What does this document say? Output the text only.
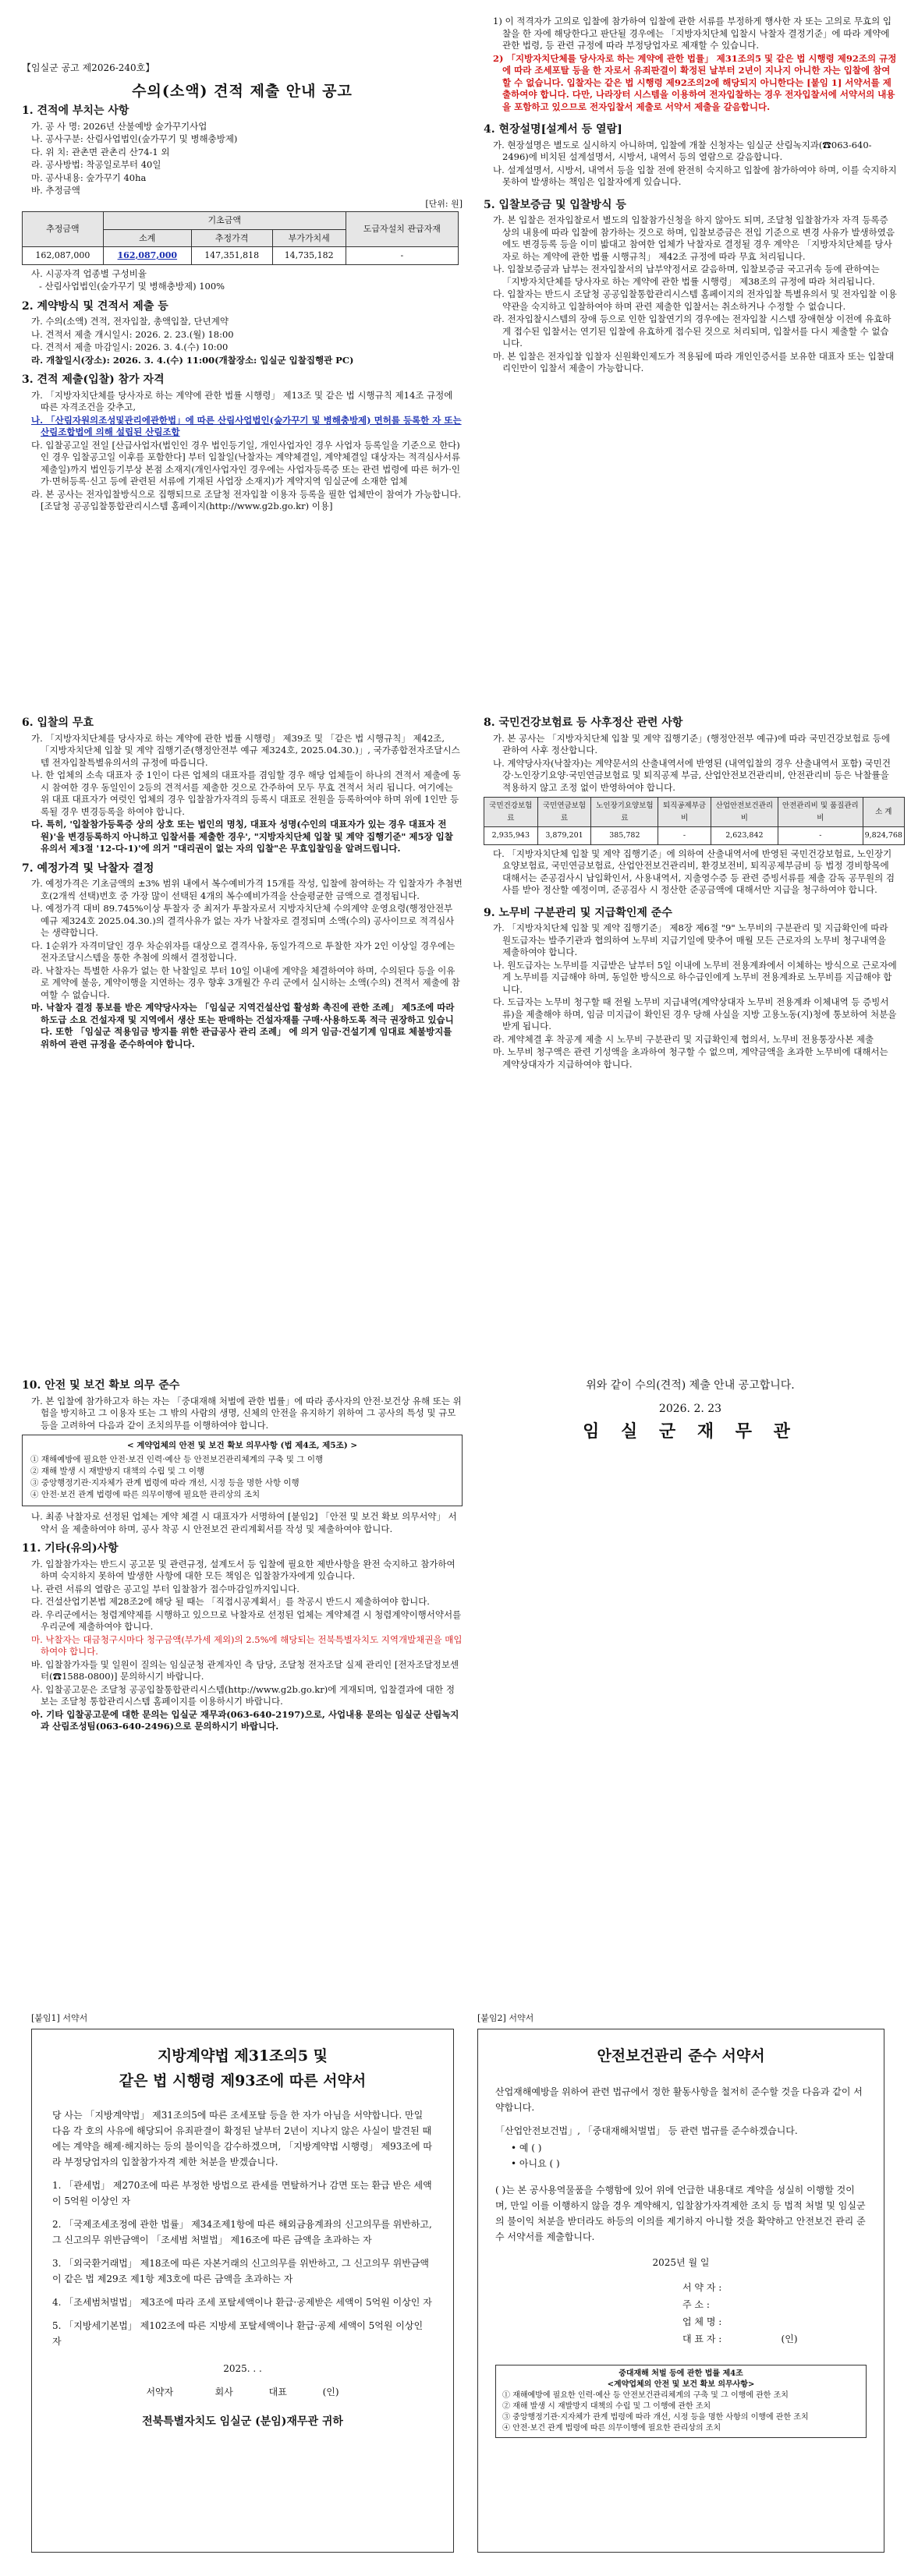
【임실군 공고 제2026-240호】
수의(소액) 견적 제출 안내 공고
1. 견적에 부치는 사항
가. 공 사 명: 2026년 산불예방 숲가꾸기사업
나. 공사구분: 산림사업법인(숲가꾸기 및 병해충방제)
다. 위 치: 관촌면 관촌리 산74-1 외
라. 공사방법: 착공일로부터 40일
마. 공사내용: 숲가꾸기 40ha
바. 추정금액
[단위: 원]
추정금액	기초금액			도급자설치 관급자재
	소계	추정가격	부가가치세	
162,087,000	162,087,000	147,351,818	14,735,182	-
사. 시공자격 업종별 구성비율
- 산림사업법인(숲가꾸기 및 병해충방제) 100%
2. 계약방식 및 견적서 제출 등
가. 수의(소액) 견적, 전자입찰, 총액입찰, 단년계약
나. 견적서 제출 개시일시: 2026. 2. 23.(월) 18:00
다. 견적서 제출 마감일시: 2026. 3. 4.(수) 10:00
라. 개찰일시(장소): 2026. 3. 4.(수) 11:00(개찰장소: 입실군 입찰집행관 PC)
3. 견적 제출(입찰) 참가 자격
가. 「지방자치단체를 당사자로 하는 계약에 관한 법률 시행령」 제13조 및 같은 법 시행규칙 제14조 규정에 따른 자격조건을 갖추고,
나. 「산림자원의조성및관리에관한법」에 따른 산림사업법인(숲가꾸기 및 병해충방제) 면허를 등록한 자 또는 산림조합법에 의해 설립된 산림조합
다. 입찰공고일 전일 [산급사업자(법인인 경우 법인등기일, 개인사업자인 경우 사업자 등록일을 기준으로 한다)인 경우 입찰공고일 이후를 포함한다] 부터 입찰일(낙찰자는 계약체결일, 계약체결일 대상자는 적격심사서류 제출일)까지 법인등기부상 본점 소재지(개인사업자인 경우에는 사업자등록증 또는 관련 법령에 따른 허가·인가·면허등록·신고 등에 관련된 서류에 기재된 사업장 소재지)가 계약지역 임실군에 소재한 업체
라. 본 공사는 전자입찰방식으로 집행되므로 조달청 전자입찰 이용자 등록을 필한 업체만이 참여가 가능합니다. [조달청 공공입찰통합관리시스템 홈페이지(http://www.g2b.go.kr) 이용]
1) 이 적격자가 고의로 입찰에 참가하여 입찰에 관한 서류를 부정하게 행사한 자 또는 고의로 무효의 입찰을 한 자에 해당한다고 판단될 경우에는 「지방자치단체 입찰시 낙찰자 결정기준」에 따라 계약에 관한 법령, 등 관련 규정에 따라 부정당업자로 제재할 수 있습니다.
2) 「지방자치단체를 당사자로 하는 계약에 관한 법률」 제31조의5 및 같은 법 시행령 제92조의 규정에 따라 조세포탈 등을 한 자로서 유죄판결이 확정된 날부터 2년이 지나지 아니한 자는 입찰에 참여할 수 없습니다. 입찰자는 같은 법 시행령 제92조의2에 해당되지 아니한다는 [붙임 1] 서약서를 제출하여야 합니다. 다만, 나라장터 시스템을 이용하여 전자입찰하는 경우 전자입찰서에 서약서의 내용을 포함하고 있으므로 전자입찰서 제출로 서약서 제출을 갈음합니다.
4. 현장설명[설계서 등 열람]
가. 현장설명은 별도로 실시하지 아니하며, 입찰에 개찰 신청자는 임실군 산림녹지과(☎063-640-2496)에 비치된 설계설명서, 시방서, 내역서 등의 열람으로 갈음합니다.
나. 설계설명서, 시방서, 내역서 등을 입찰 전에 완전히 숙지하고 입찰에 참가하여야 하며, 이를 숙지하지 못하여 발생하는 책임은 입찰자에게 있습니다.
5. 입찰보증금 및 입찰방식 등
가. 본 입찰은 전자입찰로서 별도의 입찰참가신청을 하지 않아도 되며, 조달청 입찰참가자 자격 등록증 상의 내용에 따라 입찰에 참가하는 것으로 하며, 입찰보증금은 전입 기준으로 변경 사유가 발생하였음에도 변경등록 등을 이미 밟대고 참여한 업체가 낙찰자로 결정될 경우 계약은 「지방자치단체를 당사자로 하는 계약에 관한 법률 시행규칙」 제42조 규정에 따라 무효 처리됩니다.
나. 입찰보증금과 납부는 전자입찰서의 납부약정서로 갈음하며, 입찰보증금 국고귀속 등에 관하여는 「지방자치단체를 당사자로 하는 계약에 관한 법률 시행령」 제38조의 규정에 따라 처리됩니다.
다. 입찰자는 반드시 조달청 공공입찰통합관리시스템 홈페이지의 전자입찰 특별유의서 및 전자입찰 이용약관을 숙지하고 입찰하여야 하며 관련 제출한 입찰서는 취소하거나 수정할 수 없습니다.
라. 전자입찰시스템의 장애 등으로 인한 입찰연기의 경우에는 전자입찰 시스템 장애현상 이전에 유효하게 접수된 입찰서는 연기된 입찰에 유효하게 접수된 것으로 처리되며, 입찰서를 다시 제출할 수 없습니다.
마. 본 입찰은 전자입찰 입찰자 신원확인제도가 적용됨에 따라 개인인증서를 보유한 대표자 또는 입찰대리인만이 입찰서 제출이 가능합니다.
6. 입찰의 무효
가. 「지방자치단체를 당사자로 하는 계약에 관한 법률 시행령」 제39조 및 「같은 법 시행규칙」 제42조, 「지방자치단체 입찰 및 계약 집행기준(행정안전부 예규 제324호, 2025.04.30.)」, 국가종합전자조달시스템 전자입찰특별유의서의 규정에 따릅니다.
나. 한 업체의 소속 대표자 중 1인이 다른 업체의 대표자를 겸임할 경우 해당 업체들이 하나의 견적서 제출에 동시 참여한 경우 동일인이 2등의 견적서를 제출한 것으로 간주하여 모두 무효 견적서 처리 됩니다. 여기에는 위 대표 대표자가 여럿인 업체의 경우 입찰참가자격의 등록시 대표로 전원을 등록하여야 하며 위에 1인만 등록될 경우 변경등록을 하여야 합니다.
다. 특히, '입찰참가등록증 상의 상호 또는 법인의 명칭, 대표자 성명(수인의 대표자가 있는 경우 대표자 전원)'을 변경등록하지 아니하고 입찰서를 제출한 경우', "지방자치단체 입찰 및 계약 집행기준" 제5장 입찰 유의서 제3절 '12-다-1)'에 의거 "대리권이 없는 자의 입찰"은 무효입찰임을 알려드립니다.
7. 예정가격 및 낙찰자 결정
가. 예정가격은 기초금액의 ±3% 범위 내에서 복수예비가격 15개를 작성, 입찰에 참여하는 각 입찰자가 추첨번호(2개씩 선택)번호 중 가장 많이 선택된 4개의 복수예비가격을 산술평균한 금액으로 결정됩니다.
나. 예정가격 대비 89.745%이상 투찰자 중 최저가 투찰자로서 지방자치단체 수의계약 운영요령(행정안전부 예규 제324호 2025.04.30.)의 결격사유가 없는 자가 낙찰자로 결정되며 소액(수의) 공사이므로 적격심사는 생략합니다.
다. 1순위가 자격미달인 경우 차순위자를 대상으로 결격사유, 동일가격으로 투찰한 자가 2인 이상일 경우에는 전자조달시스템을 통한 추첨에 의해서 결정합니다.
라. 낙찰자는 특별한 사유가 없는 한 낙찰일로 부터 10일 이내에 계약을 체결하여야 하며, 수의된다 등을 이유로 계약에 불응, 계약이행을 지연하는 경우 향후 3개월간 우리 군에서 실시하는 소액(수의) 견적서 제출에 참여할 수 없습니다.
마. 낙찰자 결정 통보를 받은 계약당사자는 「임실군 지역건설산업 활성화 촉진에 관한 조례」 제5조에 따라 하도급 소요 건설자재 및 지역에서 생산 또는 판매하는 건설자재를 구매·사용하도록 적극 권장하고 있습니다. 또한 「임실군 적용임금 방지를 위한 관급공사 관리 조례」 에 의거 임금·건설기계 임대료 체불방지를 위하여 관련 규정을 준수하여야 합니다.
8. 국민건강보험료 등 사후정산 관련 사항
가. 본 공사는 「지방자치단체 입찰 및 계약 집행기준」(행정안전부 예규)에 따라 국민건강보험료 등에 관하여 사후 정산합니다.
나. 계약당사자(낙찰자)는 계약문서의 산출내역서에 반영된 (내역입찰의 경우 산출내역서 포함) 국민건강·노인장기요양·국민연금보험료 및 퇴직공제 부금, 산업안전보건관리비, 안전관리비 등은 낙찰률을 적용하지 않고 조정 없이 반영하여야 합니다.
국민건강보험료	국민연금보험료	노인장기요양보험료	퇴직공제부금비	산업안전보건관리비	안전관리비 및 품질관리비	소 계
2,935,943	3,879,201	385,782	-	2,623,842	-	9,824,768
다. 「지방자치단체 입찰 및 계약 집행기준」에 의하여 산출내역서에 반영된 국민건강보험료, 노인장기요양보험료, 국민연금보험료, 산업안전보건관리비, 환경보전비, 퇴직공제부금비 등 법정 경비항목에 대해서는 준공검사시 납입확인서, 사용내역서, 지출영수증 등 관련 증빙서류를 제출 감독 공무원의 검사를 받아 정산할 예정이며, 준공검사 시 정산한 준공금액에 대해서만 지급을 청구하여야 합니다.
9. 노무비 구분관리 및 지급확인제 준수
가. 「지방자치단체 입찰 및 계약 집행기준」 제8장 제6절 "9" 노무비의 구분관리 및 지급확인에 따라 원도급자는 발주기관과 협의하여 노무비 지급기일에 맞추어 매월 모든 근로자의 노무비 청구내역을 제출하여야 합니다.
나. 원도급자는 노무비를 지급받은 날부터 5일 이내에 노무비 전용계좌에서 이체하는 방식으로 근로자에게 노무비를 지급해야 하며, 동일한 방식으로 하수급인에게 노무비 전용계좌로 노무비를 지급해야 합니다.
다. 도급자는 노무비 청구할 때 전월 노무비 지급내역(계약상대자 노무비 전용계좌 이체내역 등 증빙서류)을 제출해야 하며, 임금 미지급이 확인된 경우 당해 사실을 지방 고용노동(지)청에 통보하여 처분을 받게 됩니다.
라. 계약체결 후 착공계 제출 시 노무비 구분관리 및 지급확인제 협의서, 노무비 전용통장사본 제출
마. 노무비 청구액은 관련 기성액을 초과하여 청구할 수 없으며, 계약금액을 초과한 노무비에 대해서는 계약상대자가 지급하여야 합니다.
10. 안전 및 보건 확보 의무 준수
가. 본 입찰에 참가하고자 하는 자는 「중대재해 처벌에 관한 법률」에 따라 종사자의 안전·보건상 유해 또는 위험을 방지하고 그 이용자 또는 그 밖의 사람의 생명, 신체의 안전을 유지하기 위하여 그 공사의 특성 및 규모 등을 고려하여 다음과 같이 조치의무를 이행하여야 합니다.
< 계약업체의 안전 및 보건 확보 의무사항 (법 제4조, 제5조) >
① 재해예방에 필요한 안전·보건 인력·예산 등 안전보건관리체계의 구축 및 그 이행
② 재해 발생 시 재발방지 대책의 수립 및 그 이행
③ 중앙행정기관·지자체가 관계 법령에 따라 개선, 시정 등을 명한 사항 이행
④ 안전·보건 관계 법령에 따른 의무이행에 필요한 관리상의 조치
나. 최종 낙찰자로 선정된 업체는 계약 체결 시 대표자가 서명하여 [붙임2] 「안전 및 보건 확보 의무서약」 서약서 을 제출하여야 하며, 공사 착공 시 안전보건 관리계획서를 작성 및 제출하여야 합니다.
11. 기타(유의)사항
가. 입찰참가자는 반드시 공고문 및 관련규정, 설계도서 등 입찰에 필요한 제반사항을 완전 숙지하고 참가하여 하며 숙지하지 못하여 발생한 사항에 대한 모든 책임은 입찰참가자에게 있습니다.
나. 관련 서류의 열람은 공고일 부터 입찰참가 접수마감일까지입니다.
다. 건설산업기본법 제28조2에 해당 될 때는 「직접시공계획서」를 착공시 반드시 제출하여야 합니다.
라. 우리군에서는 청렴계약제를 시행하고 있으므로 낙찰자로 선정된 업체는 계약체결 시 청렴계약이행서약서를 우리군에 제출하여야 합니다.
마. 낙찰자는 대금청구시마다 청구금액(부가세 제외)의 2.5%에 해당되는 전북특별자치도 지역개발채권을 매입하여야 합니다.
바. 입찰참가자들 및 일원이 질의는 임실군청 관계자인 측 담당, 조달청 전자조달 실제 관리인 [전자조달정보센터(☎1588-0800)] 문의하시기 바랍니다.
사. 입찰공고문은 조달청 공공입찰통합관리시스템(http://www.g2b.go.kr)에 게재되며, 입찰결과에 대한 정보는 조달청 통합관리시스템 홈페이지를 이용하시기 바랍니다.
아. 기타 입찰공고문에 대한 문의는 입실군 재무과(063-640-2197)으로, 사업내용 문의는 임실군 산림녹지과 산림조성팀(063-640-2496)으로 문의하시기 바랍니다.
위와 같이 수의(견적) 제출 안내 공고합니다.
2026. 2. 23
임 실 군 재 무 관
[붙임1] 서약서
지방계약법 제31조의5 및
같은 법 시행령 제93조에 따른 서약서
당 사는 「지방계약법」 제31조의5에 따른 조세포탈 등을 한 자가 아님을 서약합니다. 만일 다음 각 호의 사유에 해당되어 유죄판결이 확정된 날부터 2년이 지나지 않은 사실이 발견된 때에는 계약을 해제·해지하는 등의 불이익을 감수하겠으며, 「지방계약법 시행령」 제93조에 따라 부정당업자의 입찰참가자격 제한 처분을 받겠습니다.
1. 「관세법」 제270조에 따른 부정한 방법으로 관세를 면탈하거나 감면 또는 환급 받은 세액이 5억원 이상인 자
2. 「국제조세조정에 관한 법률」 제34조제1항에 따른 해외금융계좌의 신고의무를 위반하고, 그 신고의무 위반금액이 「조세범 처벌법」 제16조에 따른 금액을 초과하는 자
3. 「외국환거래법」 제18조에 따른 자본거래의 신고의무를 위반하고, 그 신고의무 위반금액이 같은 법 제29조 제1항 제3호에 따른 금액을 초과하는 자
4. 「조세범처벌법」 제3조에 따라 조세 포탈세액이나 환급·공제받은 세액이 5억원 이상인 자
5. 「지방세기본법」 제102조에 따른 지방세 포탈세액이나 환급·공제 세액이 5억원 이상인 자
2025. . .
서약자              회사            대표            (인)
전북특별자치도 임실군 (분임)재무관 귀하
[붙임2] 서약서
안전보건관리 준수 서약서
산업재해예방을 위하여 관련 법규에서 정한 활동사항을 철저히 준수할 것을 다음과 같이 서약합니다.
「산업안전보건법」, 「중대재해처벌법」 등 관련 법규를 준수하겠습니다.
• 예 ( )
• 아니요 ( )
( )는 본 공사용역물품을 수행함에 있어 위에 언급한 내용대로 계약을 성실히 이행할 것이며, 만일 이를 이행하지 않을 경우 계약해지, 입찰참가자격제한 조치 등 법적 처벌 및 임실군의 불이익 처분을 받더라도 하등의 이의를 제기하지 아니할 것을 확약하고 안전보건 관리 준수 서약서를 제출합니다.
2025년 월 일
서 약 자 :
주 소 :
업 체 명 :
대 표 자 :                    (인)
중대재해 처벌 등에 관한 법률 제4조
<계약업체의 안전 및 보건 확보 의무사항>
① 재해예방에 필요한 인력·예산 등 안전보건관리체계의 구축 및 그 이행에 관한 조치
② 재해 발생 시 재발방지 대책의 수립 및 그 이행에 관한 조치
③ 중앙행정기관·지자체가 관계 법령에 따라 개선, 시정 등을 명한 사항의 이행에 관한 조치
④ 안전·보건 관계 법령에 따른 의무이행에 필요한 관리상의 조치
